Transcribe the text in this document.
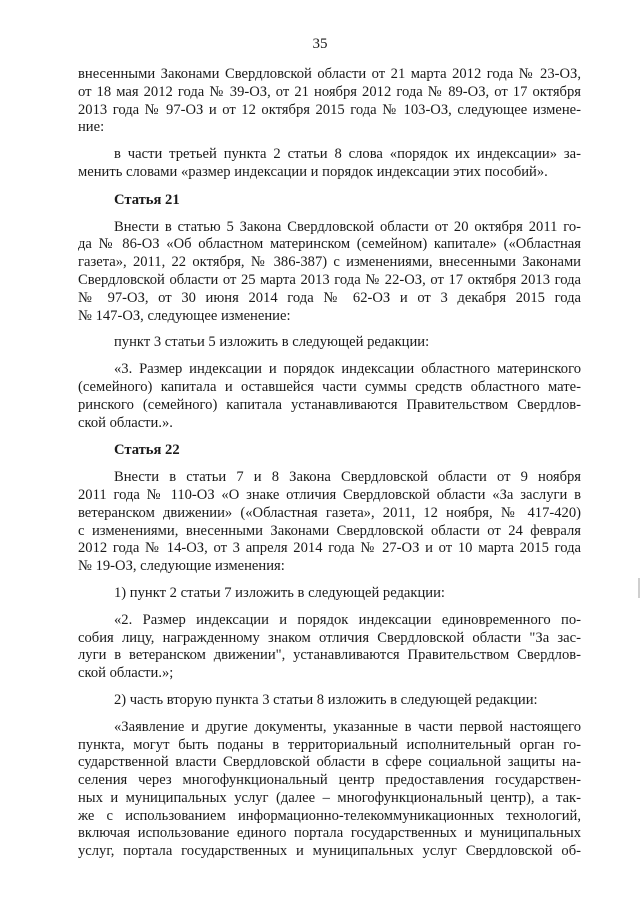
35
внесенными Законами Свердловской области от 21 марта 2012 года № 23-ОЗ,
от 18 мая 2012 года № 39-ОЗ, от 21 ноября 2012 года № 89-ОЗ, от 17 октября
2013 года № 97-ОЗ и от 12 октября 2015 года № 103-ОЗ, следующее измене-
ние:
в части третьей пункта 2 статьи 8 слова «порядок их индексации» за-
менить словами «размер индексации и порядок индексации этих пособий».
Статья 21
Внести в статью 5 Закона Свердловской области от 20 октября 2011 го-
да № 86-ОЗ «Об областном материнском (семейном) капитале» («Областная
газета», 2011, 22 октября, № 386-387) с изменениями, внесенными Законами
Свердловской области от 25 марта 2013 года № 22-ОЗ, от 17 октября 2013 года
№ 97-ОЗ, от 30 июня 2014 года № 62-ОЗ и от 3 декабря 2015 года
№ 147-ОЗ, следующее изменение:
пункт 3 статьи 5 изложить в следующей редакции:
«3. Размер индексации и порядок индексации областного материнского
(семейного) капитала и оставшейся части суммы средств областного мате-
ринского (семейного) капитала устанавливаются Правительством Свердлов-
ской области.».
Статья 22
Внести в статьи 7 и 8 Закона Свердловской области от 9 ноября
2011 года № 110-ОЗ «О знаке отличия Свердловской области «За заслуги в
ветеранском движении» («Областная газета», 2011, 12 ноября, № 417-420)
с изменениями, внесенными Законами Свердловской области от 24 февраля
2012 года № 14-ОЗ, от 3 апреля 2014 года № 27-ОЗ и от 10 марта 2015 года
№ 19-ОЗ, следующие изменения:
1) пункт 2 статьи 7 изложить в следующей редакции:
«2. Размер индексации и порядок индексации единовременного по-
собия лицу, награжденному знаком отличия Свердловской области "За зас-
луги в ветеранском движении", устанавливаются Правительством Свердлов-
ской области.»;
2) часть вторую пункта 3 статьи 8 изложить в следующей редакции:
«Заявление и другие документы, указанные в части первой настоящего
пункта, могут быть поданы в территориальный исполнительный орган го-
сударственной власти Свердловской области в сфере социальной защиты на-
селения через многофункциональный центр предоставления государствен-
ных и муниципальных услуг (далее – многофункциональный центр), а так-
же с использованием информационно-телекоммуникационных технологий,
включая использование единого портала государственных и муниципальных
услуг, портала государственных и муниципальных услуг Свердловской об-
